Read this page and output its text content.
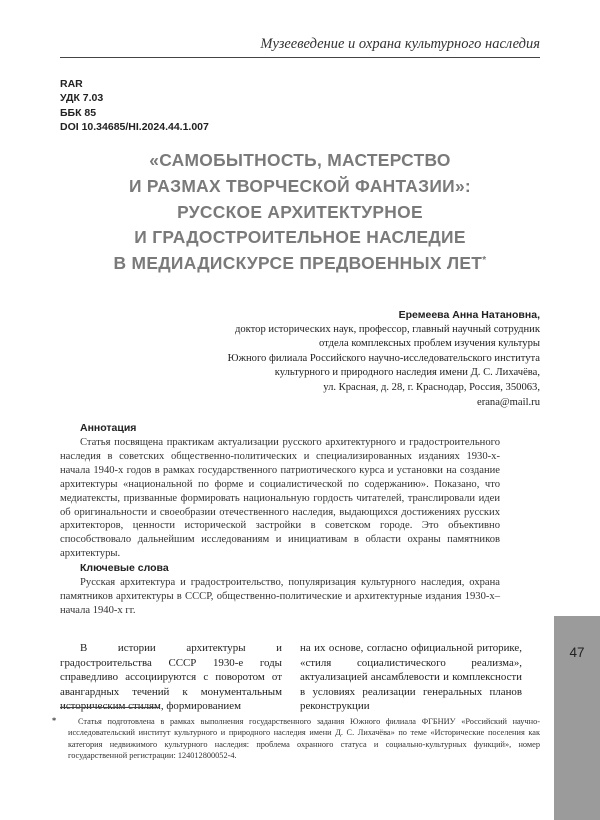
Музееведение и охрана культурного наследия
RAR
УДК 7.03
ББК 85
DOI 10.34685/HI.2024.44.1.007
«САМОБЫТНОСТЬ, МАСТЕРСТВО
И РАЗМАХ ТВОРЧЕСКОЙ ФАНТАЗИИ»:
РУССКОЕ АРХИТЕКТУРНОЕ
И ГРАДОСТРОИТЕЛЬНОЕ НАСЛЕДИЕ
В МЕДИАДИСКУРСЕ ПРЕДВОЕННЫХ ЛЕТ*
Еремеева Анна Натановна,
доктор исторических наук, профессор, главный научный сотрудник
отдела комплексных проблем изучения культуры
Южного филиала Российского научно-исследовательского института
культурного и природного наследия имени Д. С. Лихачёва,
ул. Красная, д. 28, г. Краснодар, Россия, 350063,
erana@mail.ru
Аннотация

Статья посвящена практикам актуализации русского архитектурного и градостроительного наследия в советских общественно-политических и специализированных изданиях 1930-х-начала 1940-х годов в рамках государственного патриотического курса и установки на создание архитектуры «национальной по форме и социалистической по содержанию». Показано, что медиатексты, призванные формировать национальную гордость читателей, транслировали идеи об оригинальности и своеобразии отечественного наследия, выдающихся достижениях русских архитекторов, ценности исторической застройки в советском городе. Это объективно способствовало дальнейшим исследованиям и инициативам в области охраны памятников архитектуры.

Ключевые слова

Русская архитектура и градостроительство, популяризация культурного наследия, охрана памятников архитектуры в СССР, общественно-политические и архитектурные издания 1930-х–начала 1940-х гг.

В истории архитектуры и градостроительства СССР 1930-е годы справедливо ассоциируются с поворотом от авангардных течений к монументальным историческим стилям, формированием

на их основе, согласно официальной риторике, «стиля социалистического реализма», актуализацией ансамблевости и комплексности в условиях реализации генеральных планов реконструкции

47
*	Статья подготовлена в рамках выполнения государственного задания Южного филиала ФГБНИУ «Российский научно-исследовательский институт культурного и природного наследия имени Д. С. Лихачёва» по теме «Исторические поселения как категория недвижимого культурного наследия: проблема охранного статуса и социально-культурных функций», номер государственной регистрации: 124012800052-4.
